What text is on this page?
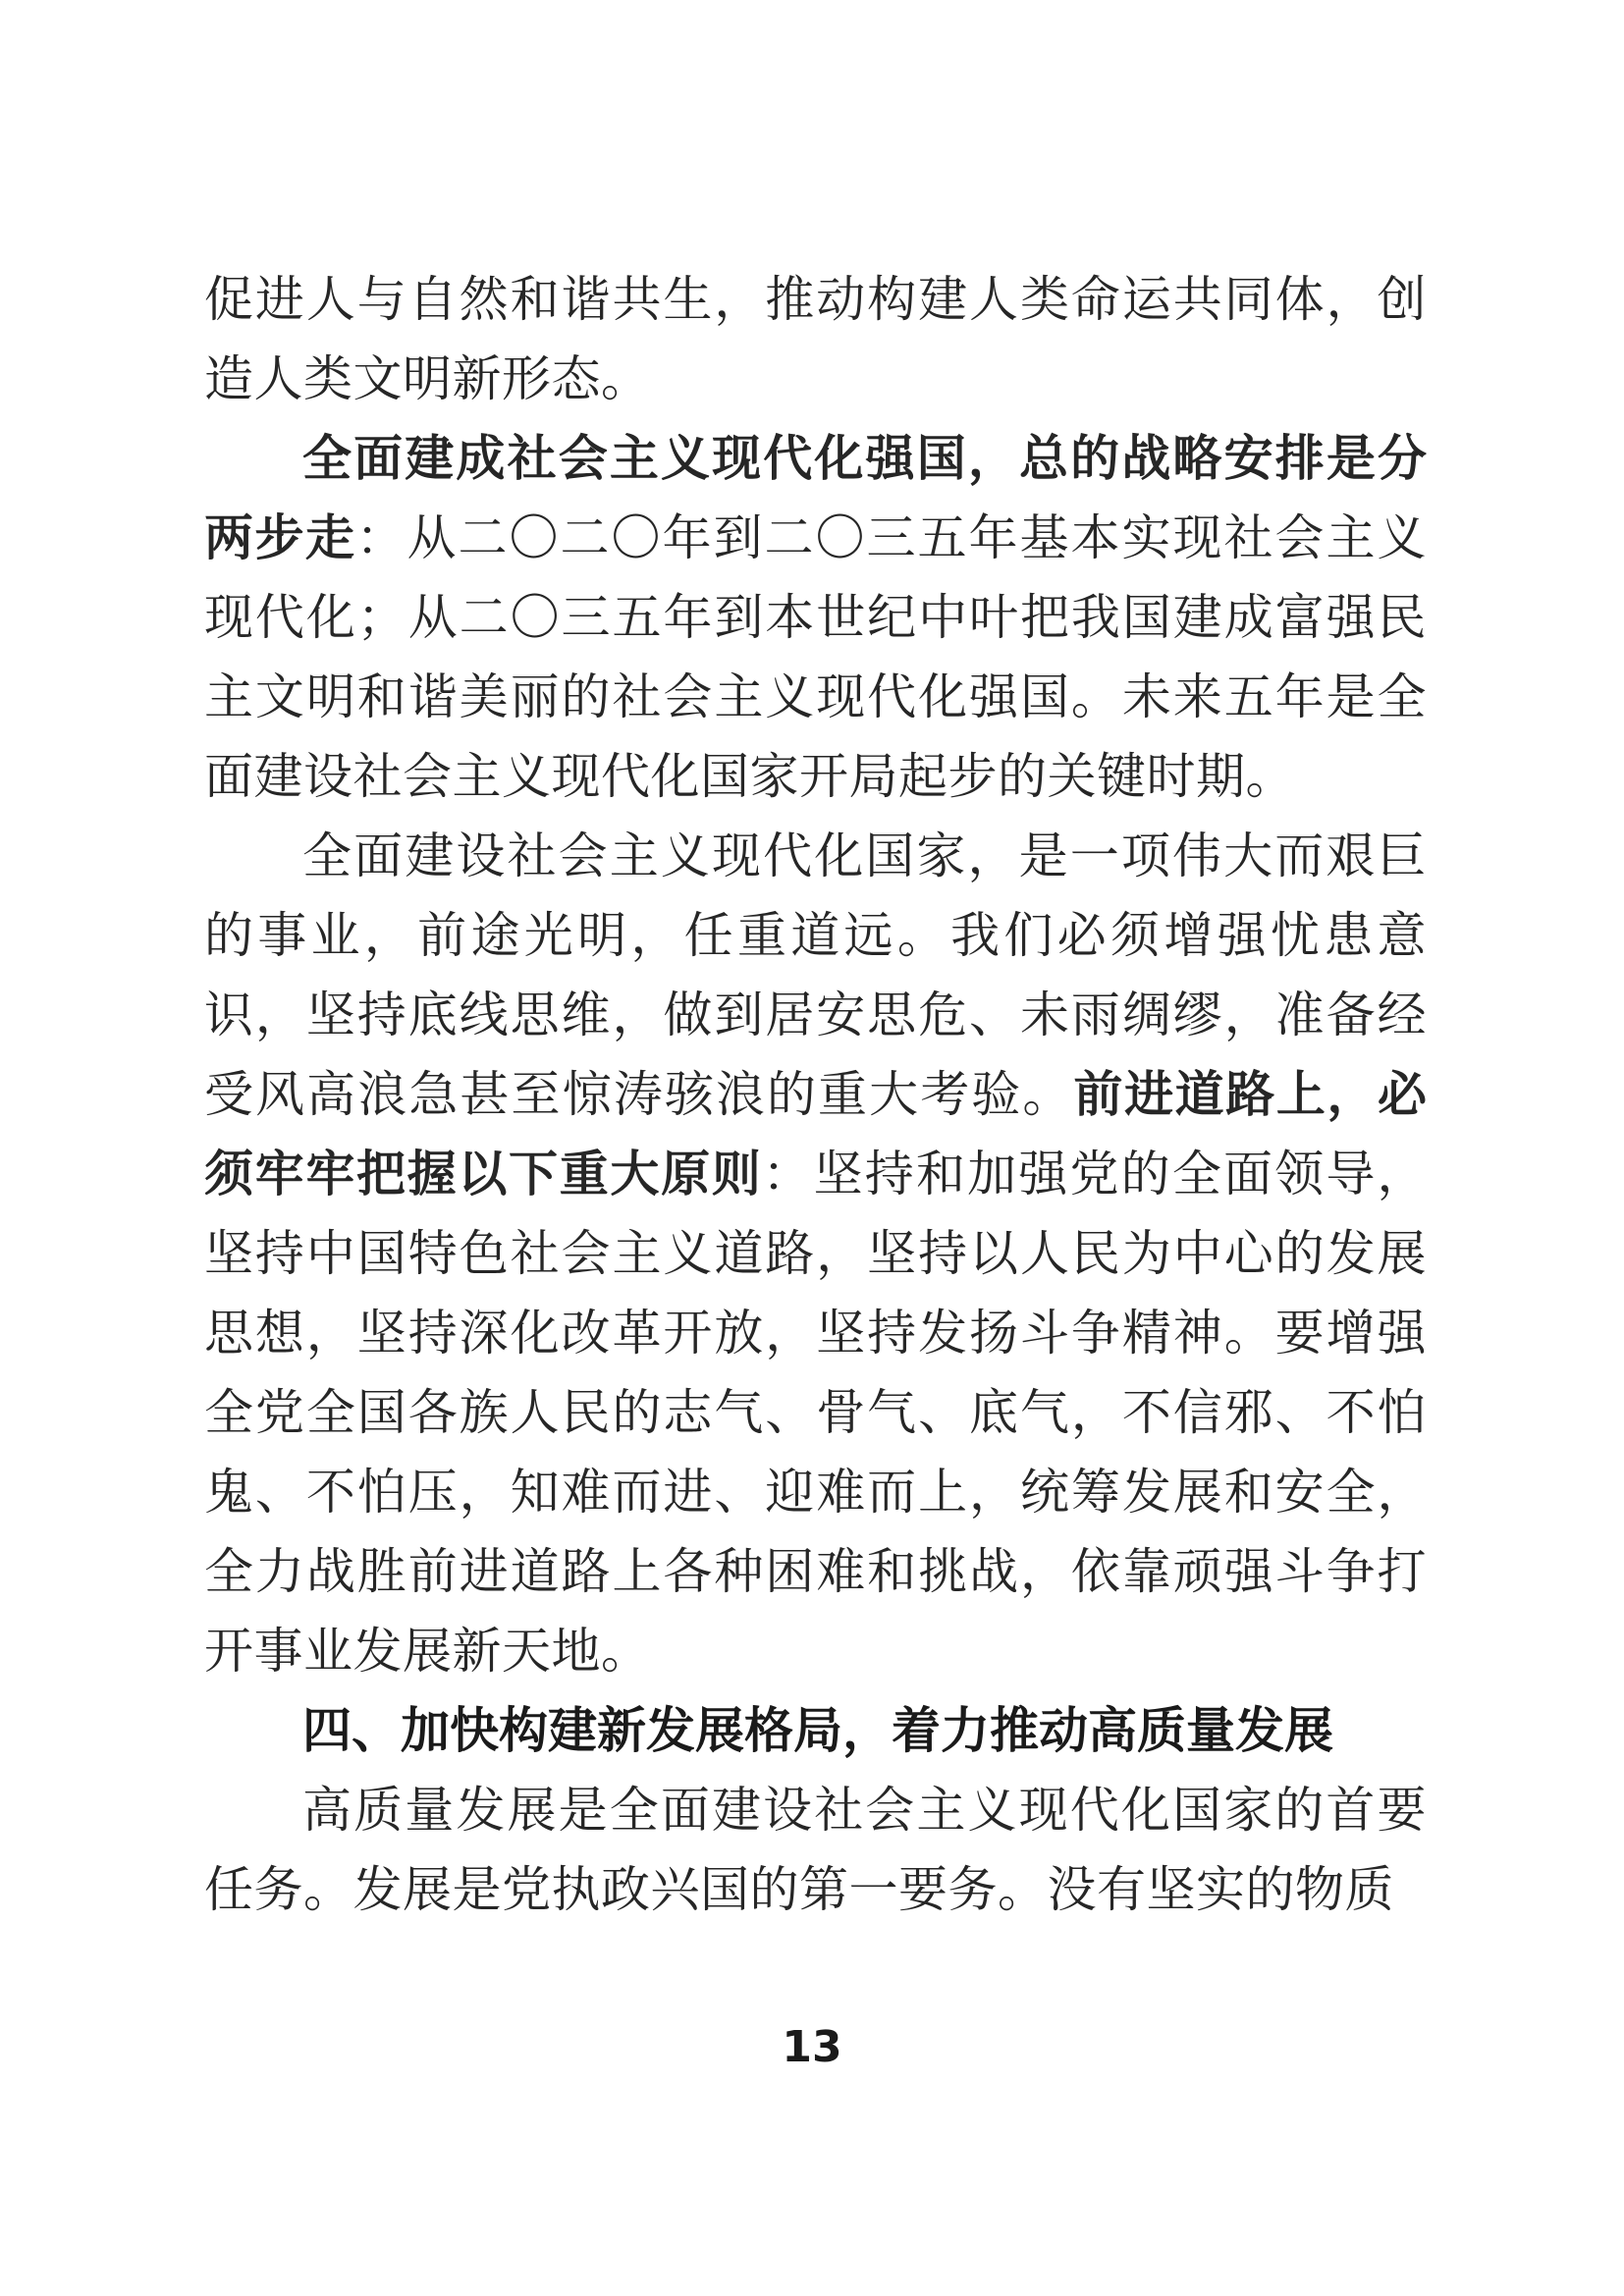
促进人与自然和谐共生，推动构建人类命运共同体，创造人类文明新形态。

全面建成社会主义现代化强国，总的战略安排是分两步走：从二〇二〇年到二〇三五年基本实现社会主义现代化；从二〇三五年到本世纪中叶把我国建成富强民主文明和谐美丽的社会主义现代化强国。未来五年是全面建设社会主义现代化国家开局起步的关键时期。

全面建设社会主义现代化国家，是一项伟大而艰巨的事业，前途光明，任重道远。我们必须增强忧患意识，坚持底线思维，做到居安思危、未雨绸缪，准备经受风高浪急甚至惊涛骇浪的重大考验。前进道路上，必须牢牢把握以下重大原则：坚持和加强党的全面领导，坚持中国特色社会主义道路，坚持以人民为中心的发展思想，坚持深化改革开放，坚持发扬斗争精神。要增强全党全国各族人民的志气、骨气、底气，不信邪、不怕鬼、不怕压，知难而进、迎难而上，统筹发展和安全，全力战胜前进道路上各种困难和挑战，依靠顽强斗争打开事业发展新天地。

四、加快构建新发展格局，着力推动高质量发展

高质量发展是全面建设社会主义现代化国家的首要任务。发展是党执政兴国的第一要务。没有坚实的物质

13
